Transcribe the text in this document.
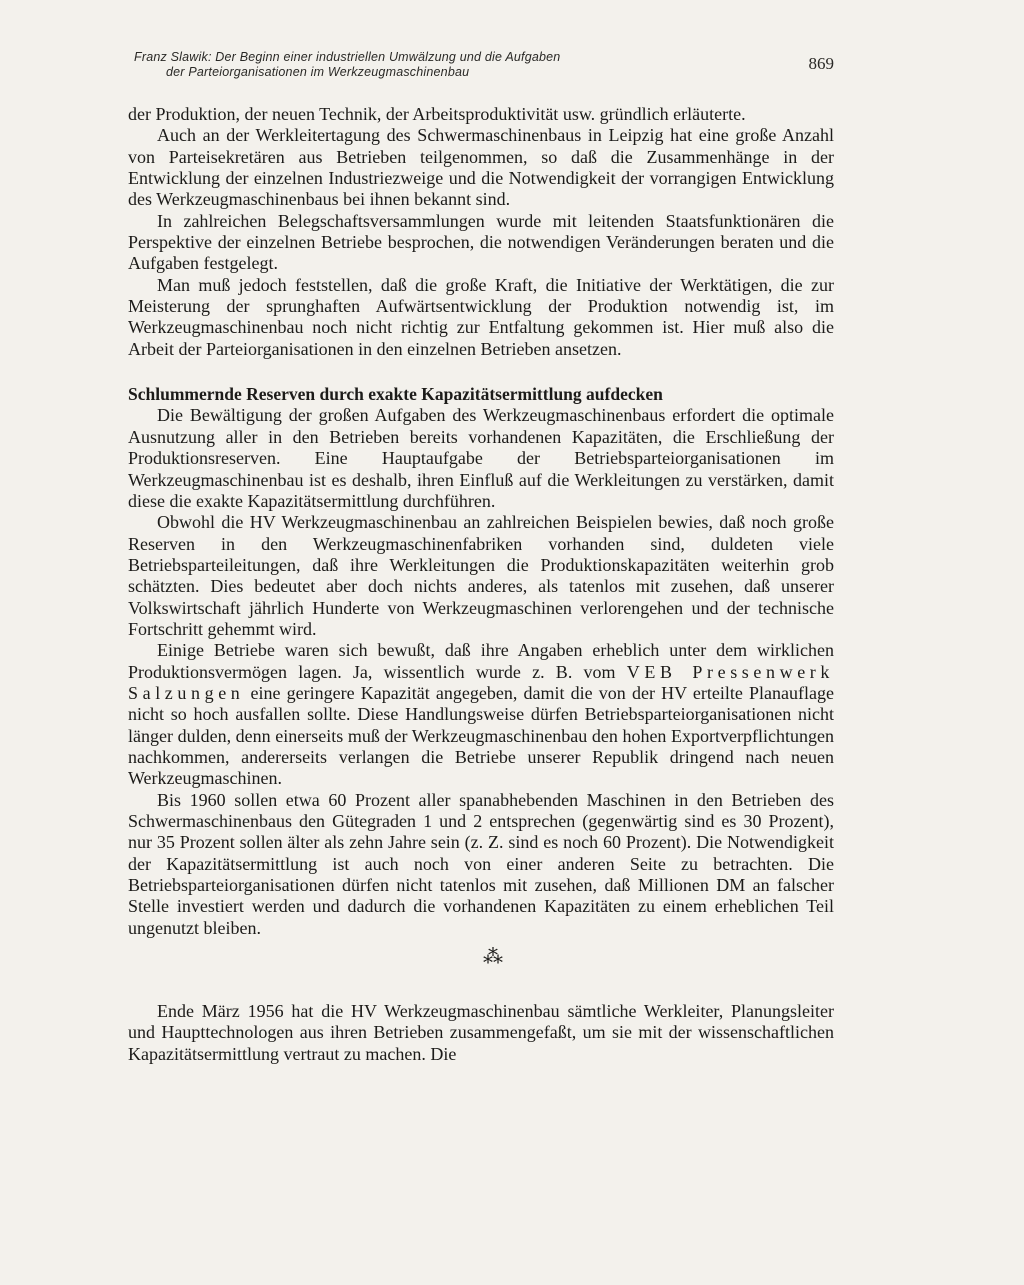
Franz Slawik: Der Beginn einer industriellen Umwälzung und die Aufgaben
der Parteiorganisationen im Werkzeugmaschinenbau	869

der Produktion, der neuen Technik, der Arbeitsproduktivität usw. gründlich erläuterte.

Auch an der Werkleitertagung des Schwermaschinenbaus in Leipzig hat eine große Anzahl von Parteisekretären aus Betrieben teilgenommen, so daß die Zusammenhänge in der Entwicklung der einzelnen Industriezweige und die Notwendigkeit der vorrangigen Entwicklung des Werkzeugmaschinenbaus bei ihnen bekannt sind.

In zahlreichen Belegschaftsversammlungen wurde mit leitenden Staatsfunktionären die Perspektive der einzelnen Betriebe besprochen, die notwendigen Veränderungen beraten und die Aufgaben festgelegt.

Man muß jedoch feststellen, daß die große Kraft, die Initiative der Werktätigen, die zur Meisterung der sprunghaften Aufwärtsentwicklung der Produktion notwendig ist, im Werkzeugmaschinenbau noch nicht richtig zur Entfaltung gekommen ist. Hier muß also die Arbeit der Parteiorganisationen in den einzelnen Betrieben ansetzen.

Schlummernde Reserven durch exakte Kapazitätsermittlung aufdecken

Die Bewältigung der großen Aufgaben des Werkzeugmaschinenbaus erfordert die optimale Ausnutzung aller in den Betrieben bereits vorhandenen Kapazitäten, die Erschließung der Produktionsreserven. Eine Hauptaufgabe der Betriebsparteiorganisationen im Werkzeugmaschinenbau ist es deshalb, ihren Einfluß auf die Werkleitungen zu verstärken, damit diese die exakte Kapazitätsermittlung durchführen.

Obwohl die HV Werkzeugmaschinenbau an zahlreichen Beispielen bewies, daß noch große Reserven in den Werkzeugmaschinenfabriken vorhanden sind, duldeten viele Betriebsparteileitungen, daß ihre Werkleitungen die Produktionskapazitäten weiterhin grob schätzten. Dies bedeutet aber doch nichts anderes, als tatenlos mit zusehen, daß unserer Volkswirtschaft jährlich Hunderte von Werkzeugmaschinen verlorengehen und der technische Fortschritt gehemmt wird.

Einige Betriebe waren sich bewußt, daß ihre Angaben erheblich unter dem wirklichen Produktionsvermögen lagen. Ja, wissentlich wurde z. B. vom VEB Pressenwerk Salzungen eine geringere Kapazität angegeben, damit die von der HV erteilte Planauflage nicht so hoch ausfallen sollte. Diese Handlungsweise dürfen Betriebsparteiorganisationen nicht länger dulden, denn einerseits muß der Werkzeugmaschinenbau den hohen Exportverpflichtungen nachkommen, andererseits verlangen die Betriebe unserer Republik dringend nach neuen Werkzeugmaschinen.

Bis 1960 sollen etwa 60 Prozent aller spanabhebenden Maschinen in den Betrieben des Schwermaschinenbaus den Gütegraden 1 und 2 entsprechen (gegenwärtig sind es 30 Prozent), nur 35 Prozent sollen älter als zehn Jahre sein (z. Z. sind es noch 60 Prozent). Die Notwendigkeit der Kapazitätsermittlung ist auch noch von einer anderen Seite zu betrachten. Die Betriebsparteiorganisationen dürfen nicht tatenlos mit zusehen, daß Millionen DM an falscher Stelle investiert werden und dadurch die vorhandenen Kapazitäten zu einem erheblichen Teil ungenutzt bleiben.

⁂

Ende März 1956 hat die HV Werkzeugmaschinenbau sämtliche Werkleiter, Planungsleiter und Haupttechnologen aus ihren Betrieben zusammengefaßt, um sie mit der wissenschaftlichen Kapazitätsermittlung vertraut zu machen. Die
